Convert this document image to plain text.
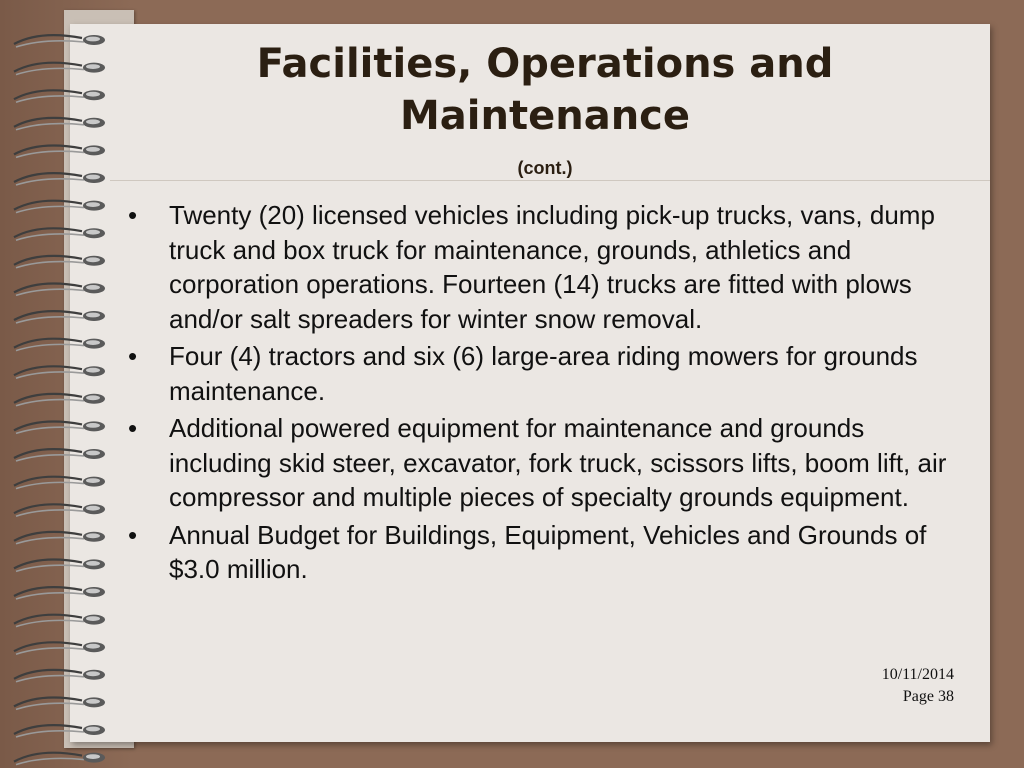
Facilities, Operations and Maintenance
(cont.)
•	Twenty (20) licensed vehicles including pick-up trucks, vans, dump truck and box truck for maintenance, grounds, athletics and corporation operations. Fourteen (14) trucks are fitted with plows and/or salt spreaders for winter snow removal.
•	Four (4) tractors and six (6) large-area riding mowers for grounds maintenance.
•	Additional powered equipment for maintenance and grounds including skid steer, excavator, fork truck, scissors lifts, boom lift, air compressor and multiple pieces of specialty grounds equipment.
•	Annual Budget for Buildings, Equipment, Vehicles and Grounds of $3.0 million.
10/11/2014
Page 38
